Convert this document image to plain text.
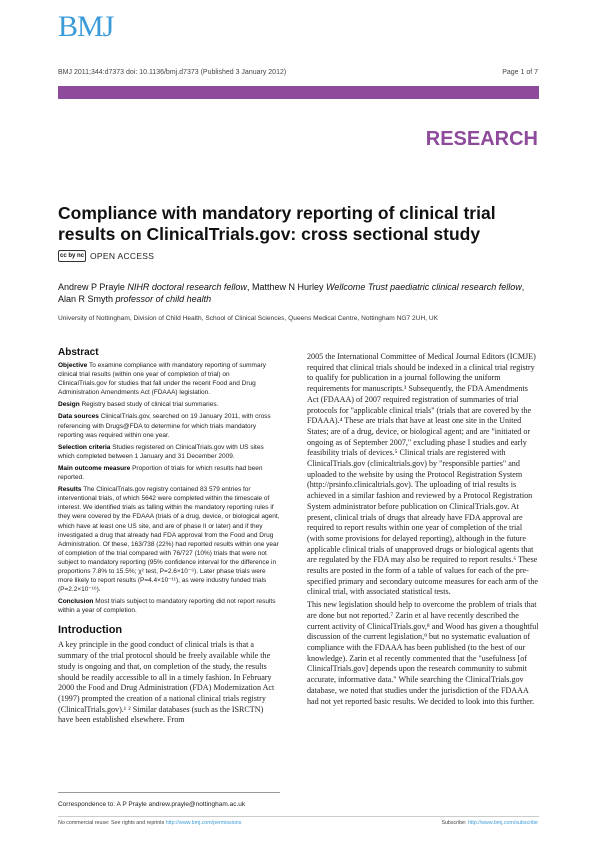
BMJ
BMJ 2011;344:d7373 doi: 10.1136/bmj.d7373 (Published 3 January 2012)	Page 1 of 7
RESEARCH
Compliance with mandatory reporting of clinical trial results on ClinicalTrials.gov: cross sectional study
cc by nc OPEN ACCESS
Andrew P Prayle NIHR doctoral research fellow, Matthew N Hurley Wellcome Trust paediatric clinical research fellow, Alan R Smyth professor of child health
University of Nottingham, Division of Child Health, School of Clinical Sciences, Queens Medical Centre, Nottingham NG7 2UH, UK
Abstract

Objective To examine compliance with mandatory reporting of summary clinical trial results (within one year of completion of trial) on ClinicalTrials.gov for studies that fall under the recent Food and Drug Administration Amendments Act (FDAAA) legislation.

Design Registry based study of clinical trial summaries.

Data sources ClinicalTrials.gov, searched on 19 January 2011, with cross referencing with Drugs@FDA to determine for which trials mandatory reporting was required within one year.

Selection criteria Studies registered on ClinicalTrials.gov with US sites which completed between 1 January and 31 December 2009.

Main outcome measure Proportion of trials for which results had been reported.

Results The ClinicalTrials.gov registry contained 83 579 entries for interventional trials, of which 5642 were completed within the timescale of interest. We identified trials as falling within the mandatory reporting rules if they were covered by the FDAAA (trials of a drug, device, or biological agent, which have at least one US site, and are of phase II or later) and if they investigated a drug that already had FDA approval from the Food and Drug Administration. Of these, 163/738 (22%) had reported results within one year of completion of the trial compared with 76/727 (10%) trials that were not subject to mandatory reporting (95% confidence interval for the difference in proportions 7.8% to 15.5%; χ² test, P=2.6×10⁻⁹). Later phase trials were more likely to report results (P=4.4×10⁻¹¹), as were industry funded trials (P=2.2×10⁻¹⁶).

Conclusion Most trials subject to mandatory reporting did not report results within a year of completion.

Introduction

A key principle in the good conduct of clinical trials is that a summary of the trial protocol should be freely available while the study is ongoing and that, on completion of the study, the results should be readily accessible to all in a timely fashion. In February 2000 the Food and Drug Administration (FDA) Modernization Act (1997) prompted the creation of a national clinical trials registry (ClinicalTrials.gov).¹ ² Similar databases (such as the ISRCTN) have been established elsewhere. From

2005 the International Committee of Medical Journal Editors (ICMJE) required that clinical trials should be indexed in a clinical trial registry to qualify for publication in a journal following the uniform requirements for manuscripts.³ Subsequently, the FDA Amendments Act (FDAAA) of 2007 required registration of summaries of trial protocols for "applicable clinical trials" (trials that are covered by the FDAAA).⁴ These are trials that have at least one site in the United States; are of a drug, device, or biological agent; and are "initiated or ongoing as of September 2007," excluding phase I studies and early feasibility trials of devices.⁵ Clinical trials are registered with ClinicalTrials.gov (clinicaltrials.gov) by "responsible parties" and uploaded to the website by using the Protocol Registration System (http://prsinfo.clinicaltrials.gov). The uploading of trial results is achieved in a similar fashion and reviewed by a Protocol Registration System administrator before publication on ClinicalTrials.gov. At present, clinical trials of drugs that already have FDA approval are required to report results within one year of completion of the trial (with some provisions for delayed reporting), although in the future applicable clinical trials of unapproved drugs or biological agents that are regulated by the FDA may also be required to report results.⁶ These results are posted in the form of a table of values for each of the pre-specified primary and secondary outcome measures for each arm of the clinical trial, with associated statistical tests.

This new legislation should help to overcome the problem of trials that are done but not reported.⁷ Zarin et al have recently described the current activity of ClinicalTrials.gov,⁸ and Wood has given a thoughtful discussion of the current legislation,⁹ but no systematic evaluation of compliance with the FDAAA has been published (to the best of our knowledge). Zarin et al recently commented that the "usefulness [of ClinicalTrials.gov] depends upon the research community to submit accurate, informative data." While searching the ClinicalTrials.gov database, we noted that studies under the jurisdiction of the FDAAA had not yet reported basic results. We decided to look into this further.

Correspondence to: A P Prayle andrew.prayle@nottingham.ac.uk
No commercial reuse: See rights and reprints http://www.bmj.com/permissions	Subscribe: http://www.bmj.com/subscribe
